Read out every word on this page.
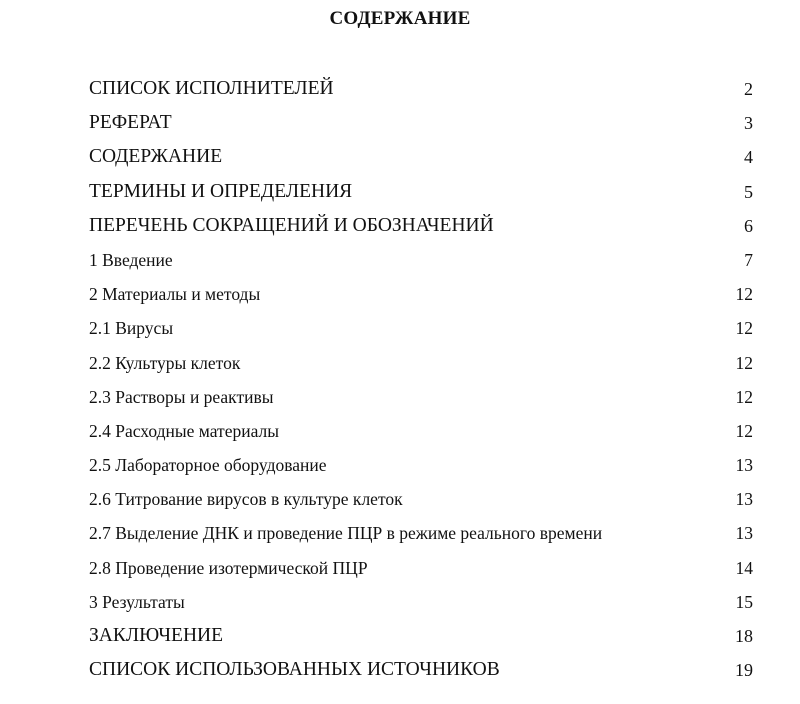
СОДЕРЖАНИЕ
СПИСОК ИСПОЛНИТЕЛЕЙ	2
РЕФЕРАТ	3
СОДЕРЖАНИЕ	4
ТЕРМИНЫ И ОПРЕДЕЛЕНИЯ	5
ПЕРЕЧЕНЬ СОКРАЩЕНИЙ И ОБОЗНАЧЕНИЙ	6
1 Введение	7
2 Материалы и методы	12
2.1 Вирусы	12
2.2 Культуры клеток	12
2.3 Растворы и реактивы	12
2.4 Расходные материалы	12
2.5 Лабораторное оборудование	13
2.6 Титрование вирусов в культуре клеток	13
2.7 Выделение ДНК и проведение ПЦР в режиме реального времени	13
2.8 Проведение изотермической ПЦР	14
3 Результаты	15
ЗАКЛЮЧЕНИЕ	18
СПИСОК ИСПОЛЬЗОВАННЫХ ИСТОЧНИКОВ	19
